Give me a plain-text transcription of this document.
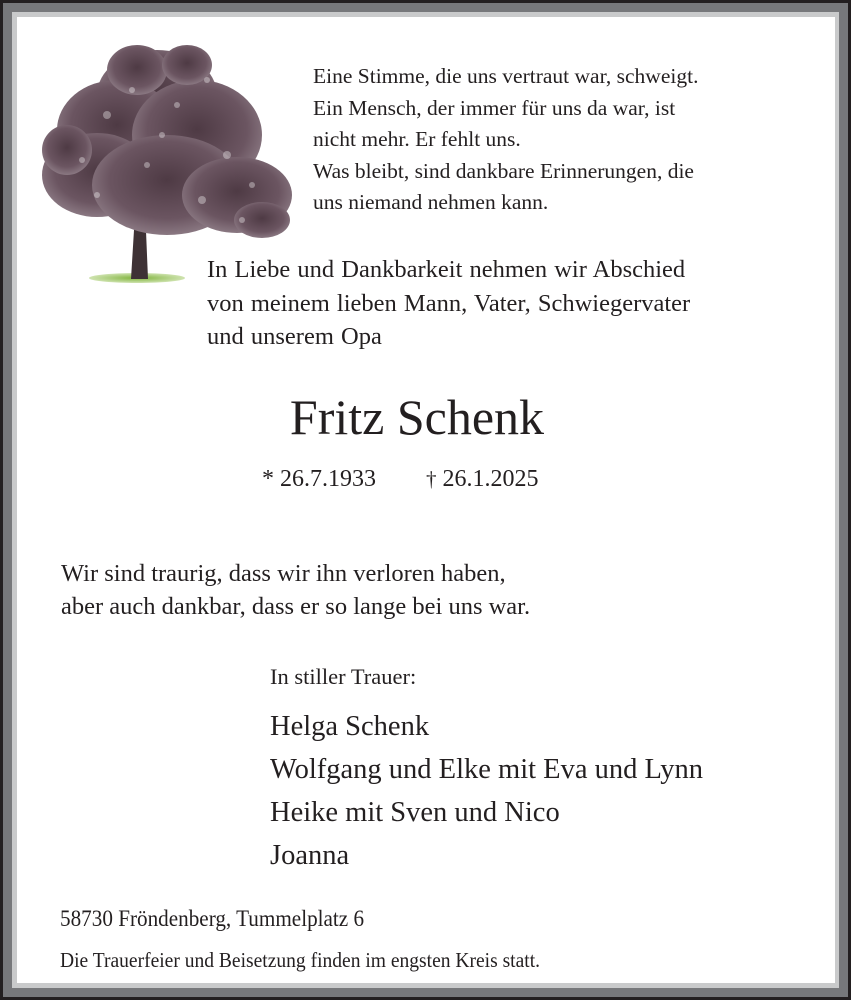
Eine Stimme, die uns vertraut war, schweigt.
Ein Mensch, der immer für uns da war, ist
nicht mehr. Er fehlt uns.
Was bleibt, sind dankbare Erinnerungen, die
uns niemand nehmen kann.
In Liebe und Dankbarkeit nehmen wir Abschied
von meinem lieben Mann, Vater, Schwiegervater
und unserem Opa
Fritz Schenk
* 26.7.1933 † 26.1.2025
Wir sind traurig, dass wir ihn verloren haben,
aber auch dankbar, dass er so lange bei uns war.
In stiller Trauer:
Helga Schenk
Wolfgang und Elke mit Eva und Lynn
Heike mit Sven und Nico
Joanna
58730 Fröndenberg, Tummelplatz 6
Die Trauerfeier und Beisetzung finden im engsten Kreis statt.
